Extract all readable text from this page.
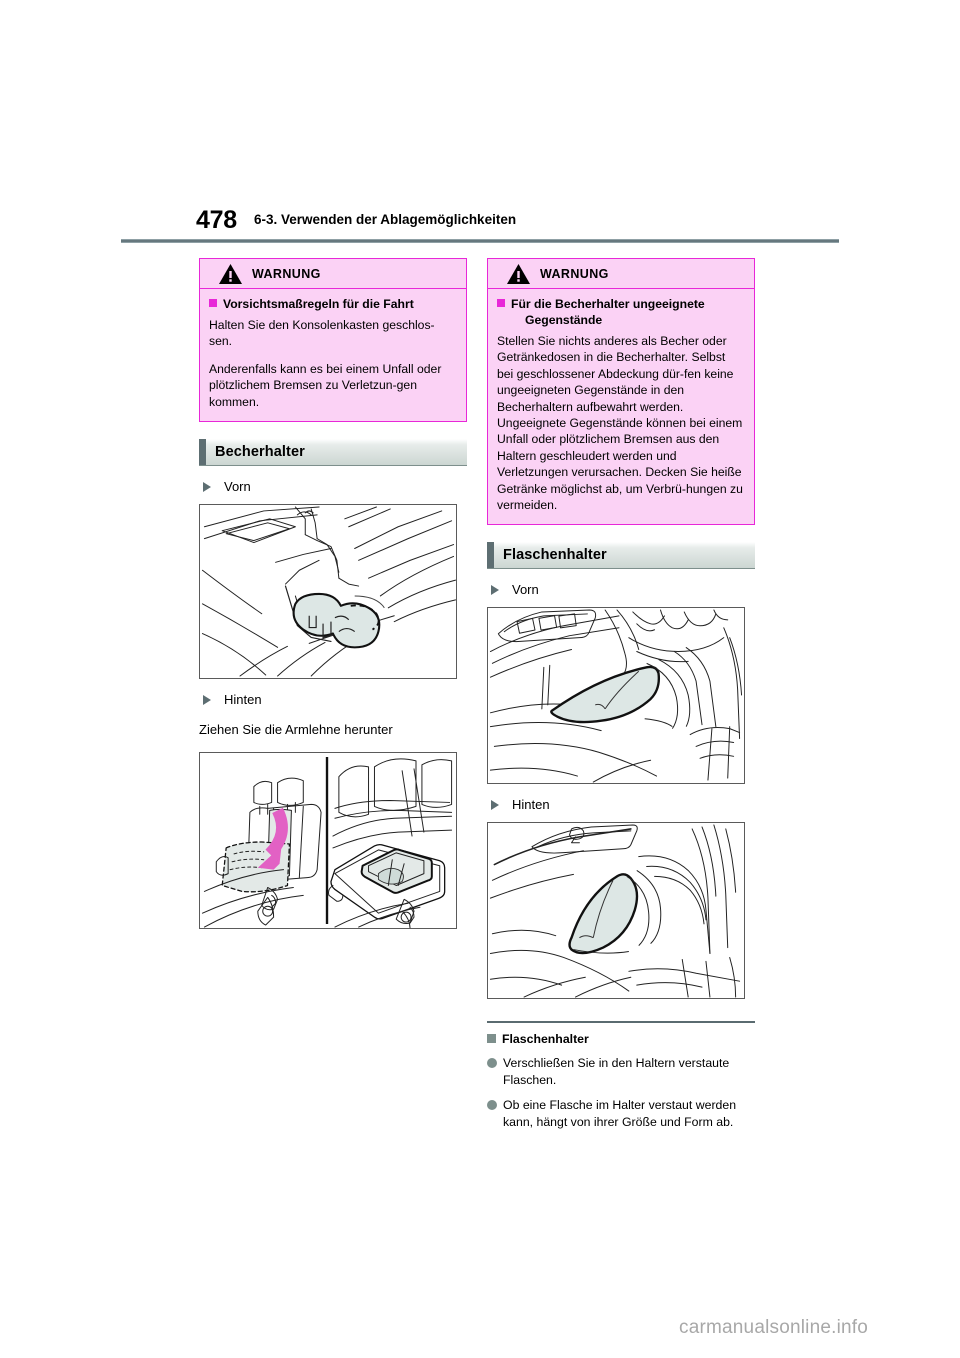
478 6-3. Verwenden der Ablagemöglichkeiten
WARNUNG
Vorsichtsmaßregeln für die Fahrt

Halten Sie den Konsolenkasten geschlos-sen.

Anderenfalls kann es bei einem Unfall oder plötzlichem Bremsen zu Verletzun-gen kommen.

Becherhalter
Vorn
Hinten

Ziehen Sie die Armlehne herunter

WARNUNG
Für die Becherhalter ungeeignete
Gegenstände

Stellen Sie nichts anderes als Becher oder Getränkedosen in die Becherhalter. Selbst bei geschlossener Abdeckung dür-fen keine ungeeigneten Gegenstände in den Becherhaltern aufbewahrt werden. Ungeeignete Gegenstände können bei einem Unfall oder plötzlichem Bremsen aus den Haltern geschleudert werden und Verletzungen verursachen. Decken Sie heiße Getränke möglichst ab, um Verbrü-hungen zu vermeiden.

Flaschenhalter
Vorn
Hinten
Flaschenhalter
Verschließen Sie in den Haltern verstaute Flaschen.
Ob eine Flasche im Halter verstaut werden kann, hängt von ihrer Größe und Form ab.
carmanualsonline.info
